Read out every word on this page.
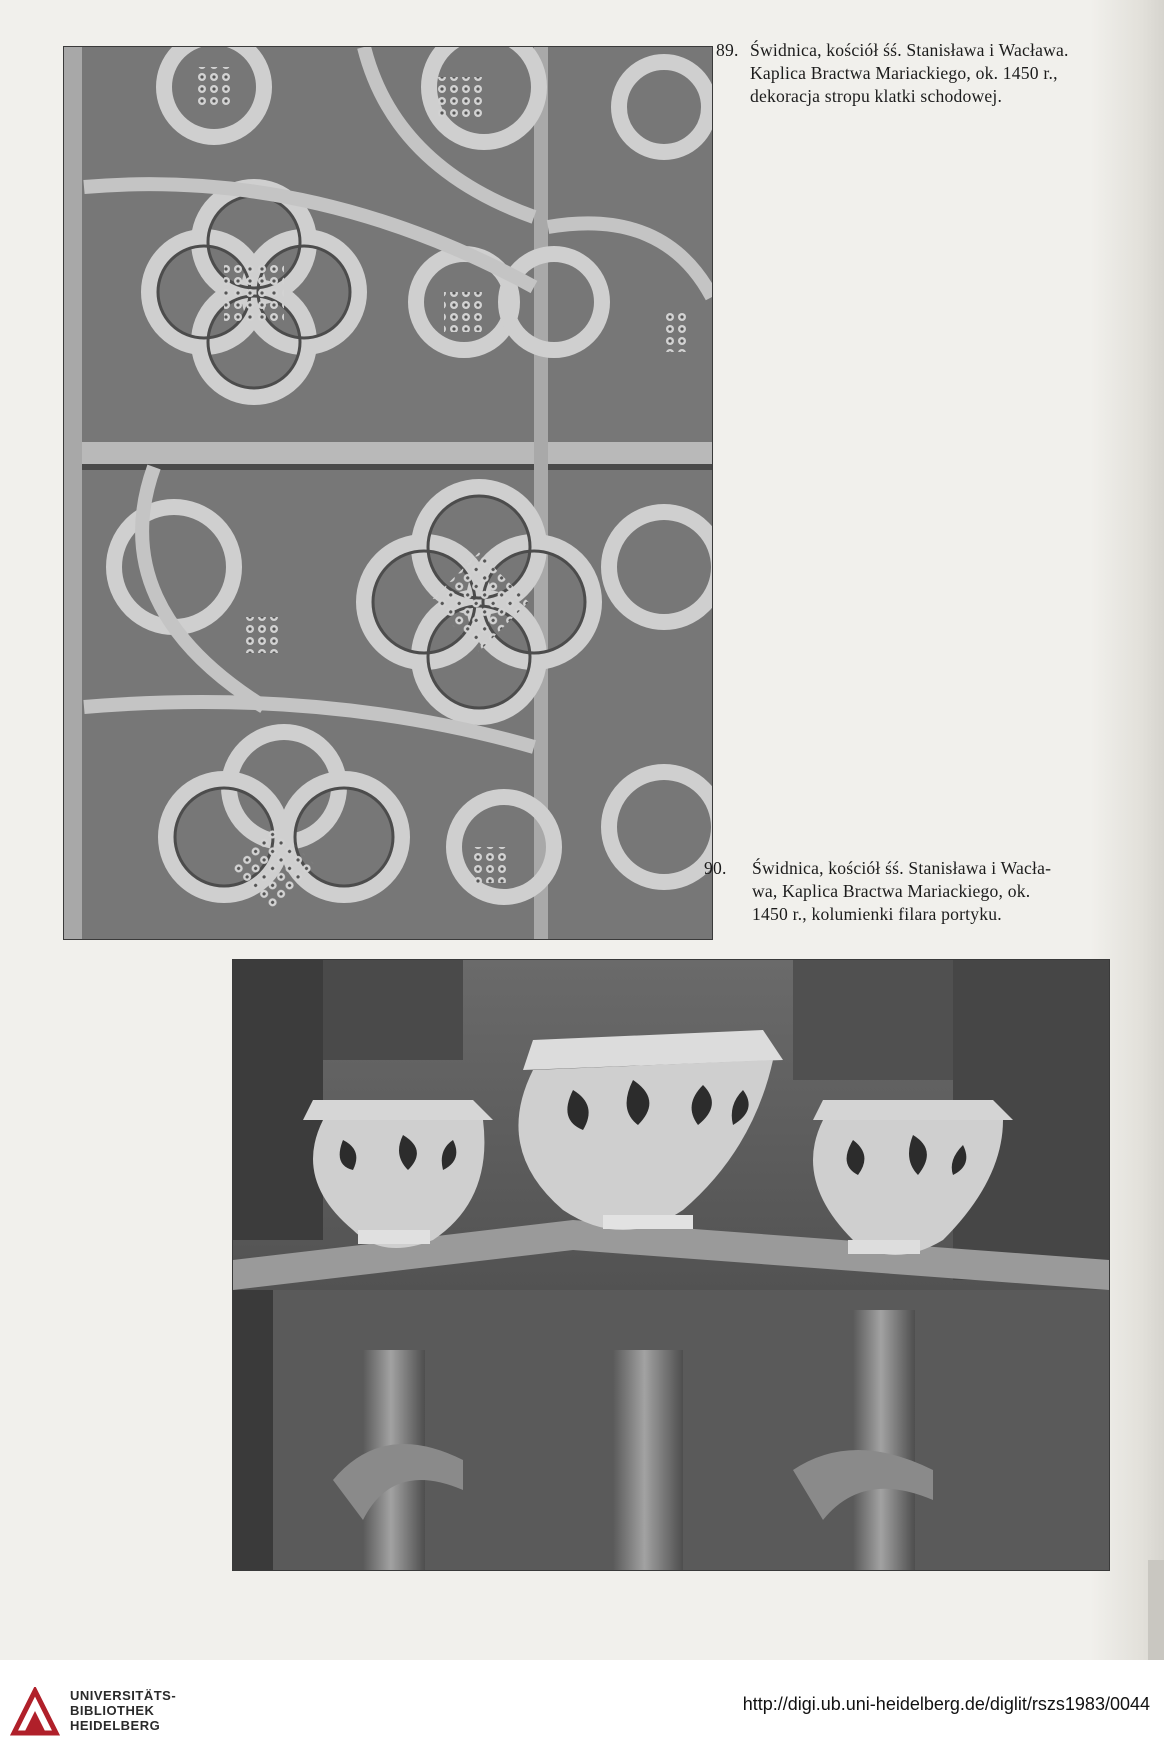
89. Świdnica, kościół śś. Stanisława i Wacława.
Kaplica Bractwa Mariackiego, ok. 1450 r.,
dekoracja stropu klatki schodowej.
90. Świdnica, kościół śś. Stanisława i Wacła-
wa, Kaplica Bractwa Mariackiego, ok.
1450 r., kolumienki filara portyku.
UNIVERSITÄTS-
BIBLIOTHEK
HEIDELBERG
http://digi.ub.uni-heidelberg.de/diglit/rszs1983/0044
